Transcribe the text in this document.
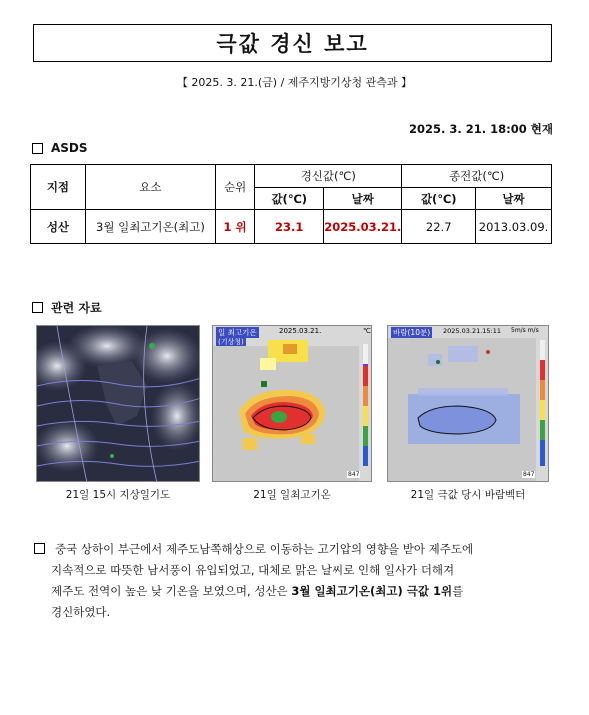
극값 경신 보고
【 2025. 3. 21.(금) / 제주지방기상청 관측과 】
2025. 3. 21. 18:00 현재
ASDS
지점	요소	순위	경신값(℃)		종전값(℃)	
			값(℃)	날짜	값(℃)	날짜
성산	3월 일최고기온(최고)	1 위	23.1	2025.03.21.	22.7	2013.03.09.
관련 자료
일 최고기온
(기상청)
2025.03.21.	℃
847
바람(10분)	2025.03.21.15:11 5m/s m/s
847
21일 15시 지상일기도	21일 일최고기온	21일 극값 당시 바람벡터
중국 상하이 부근에서 제주도남쪽해상으로 이동하는 고기압의 영향을 받아 제주도에
지속적으로 따뜻한 남서풍이 유입되었고, 대체로 맑은 날씨로 인해 일사가 더해져
제주도 전역이 높은 낮 기온을 보였으며, 성산은 3월 일최고기온(최고) 극값 1위를
경신하였다.
